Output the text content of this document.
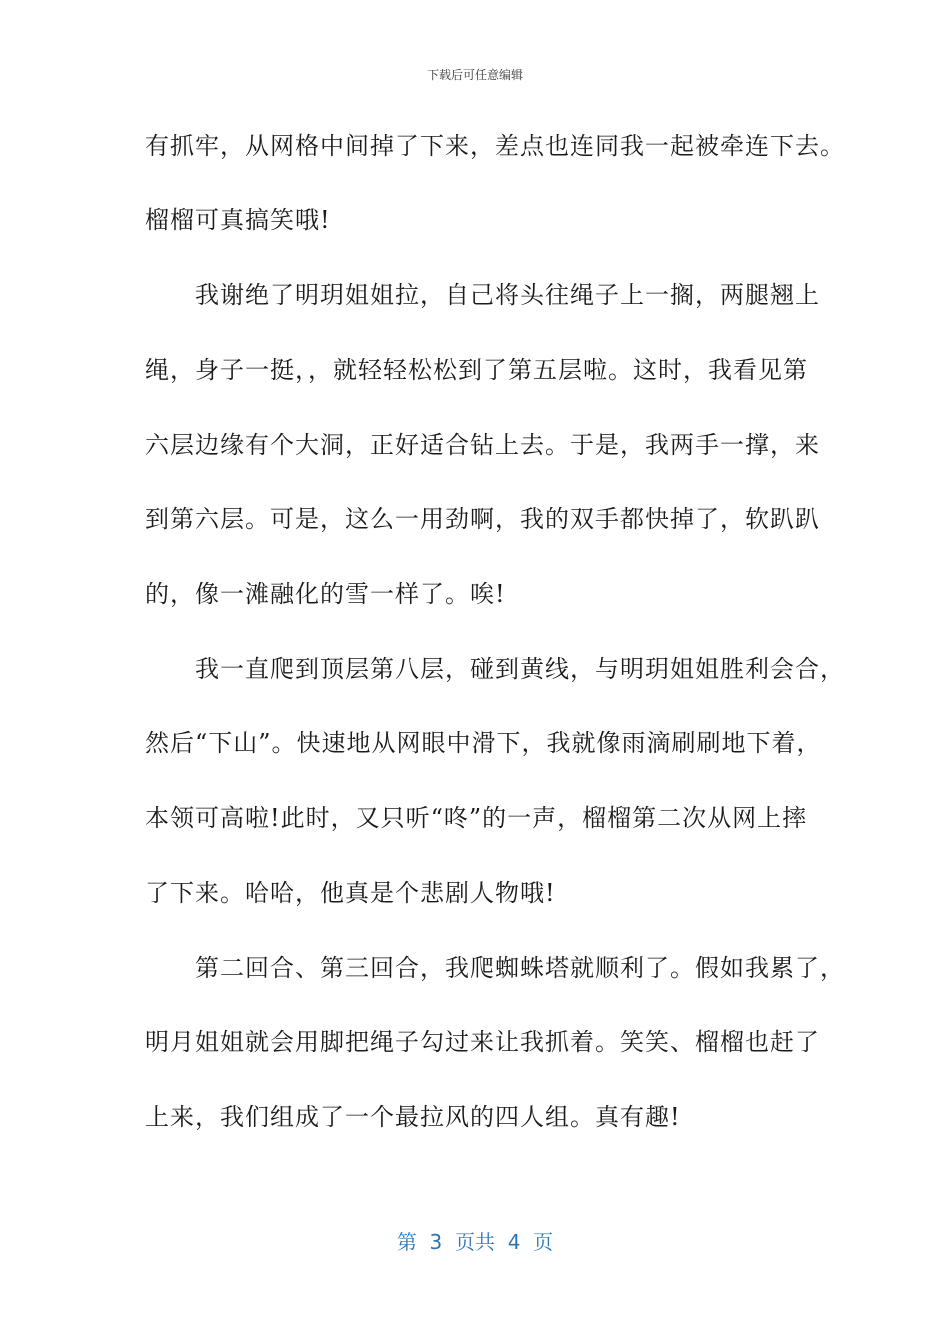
下载后可任意编辑
有抓牢，从网格中间掉了下来，差点也连同我一起被牵连下去。
榴榴可真搞笑哦!
　　我谢绝了明玥姐姐拉，自己将头往绳子上一搁，两腿翘上
绳，身子一挺，，就轻轻松松到了第五层啦。这时，我看见第
六层边缘有个大洞，正好适合钻上去。于是，我两手一撑，来
到第六层。可是，这么一用劲啊，我的双手都快掉了，软趴趴
的，像一滩融化的雪一样了。唉!
　　我一直爬到顶层第八层，碰到黄线，与明玥姐姐胜利会合，
然后“下山”。快速地从网眼中滑下，我就像雨滴刷刷地下着，
本领可高啦!此时，又只听“咚”的一声，榴榴第二次从网上摔
了下来。哈哈，他真是个悲剧人物哦!
　　第二回合、第三回合，我爬蜘蛛塔就顺利了。假如我累了，
明月姐姐就会用脚把绳子勾过来让我抓着。笑笑、榴榴也赶了
上来，我们组成了一个最拉风的四人组。真有趣!
第  3  页共  4  页
